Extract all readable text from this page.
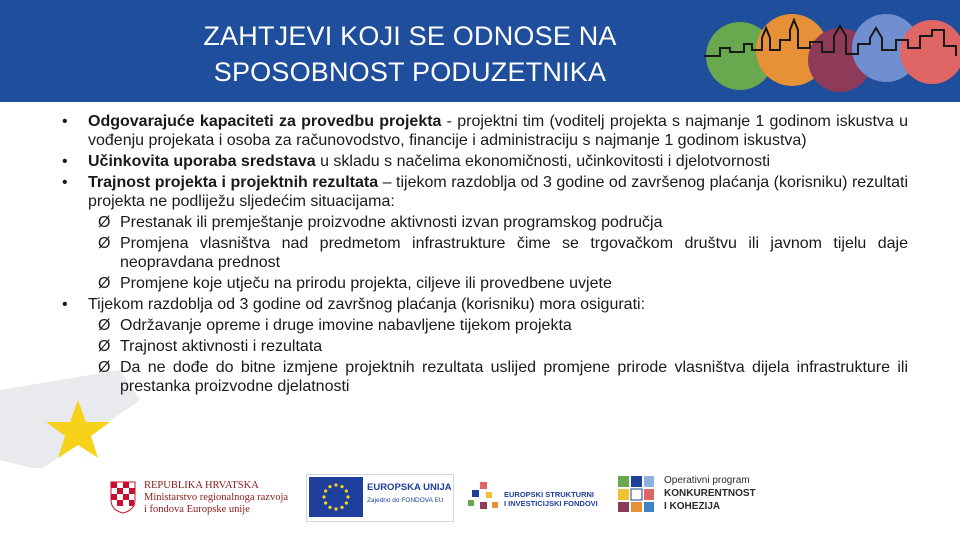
ZAHTJEVI KOJI SE ODNOSE NA
SPOSOBNOST PODUZETNIKA
• Odgovarajuće kapaciteti za provedbu projekta - projektni tim (voditelj projekta s najmanje 1 godinom iskustva u vođenju projekata i osoba za računovodstvo, financije i administraciju s najmanje 1 godinom iskustva)
• Učinkovita uporaba sredstava u skladu s načelima ekonomičnosti, učinkovitosti i djelotvornosti
• Trajnost projekta i projektnih rezultata – tijekom razdoblja od 3 godine od završenog plaćanja (korisniku) rezultati projekta ne podliježu sljedećim situacijama:
Ø Prestanak ili premještanje proizvodne aktivnosti izvan programskog područja
Ø Promjena vlasništva nad predmetom infrastrukture čime se trgovačkom društvu ili javnom tijelu daje neopravdana prednost
Ø Promjene koje utječu na prirodu projekta, ciljeve ili provedbene uvjete
• Tijekom razdoblja od 3 godine od završnog plaćanja (korisniku) mora osigurati:
Ø Održavanje opreme i druge imovine nabavljene tijekom projekta
Ø Trajnost aktivnosti i rezultata
Ø Da ne dođe do bitne izmjene projektnih rezultata uslijed promjene prirode vlasništva dijela infrastrukture ili prestanka proizvodne djelatnosti
REPUBLIKA HRVATSKA
Ministarstvo regionalnoga razvoja
i fondova Europske unije
EUROPSKA UNIJA
Zajedno do FONDOVA EU
EUROPSKI STRUKTURNI
I INVESTICIJSKI FONDOVI
Operativni program
KONKURENTNOST
I KOHEZIJA
